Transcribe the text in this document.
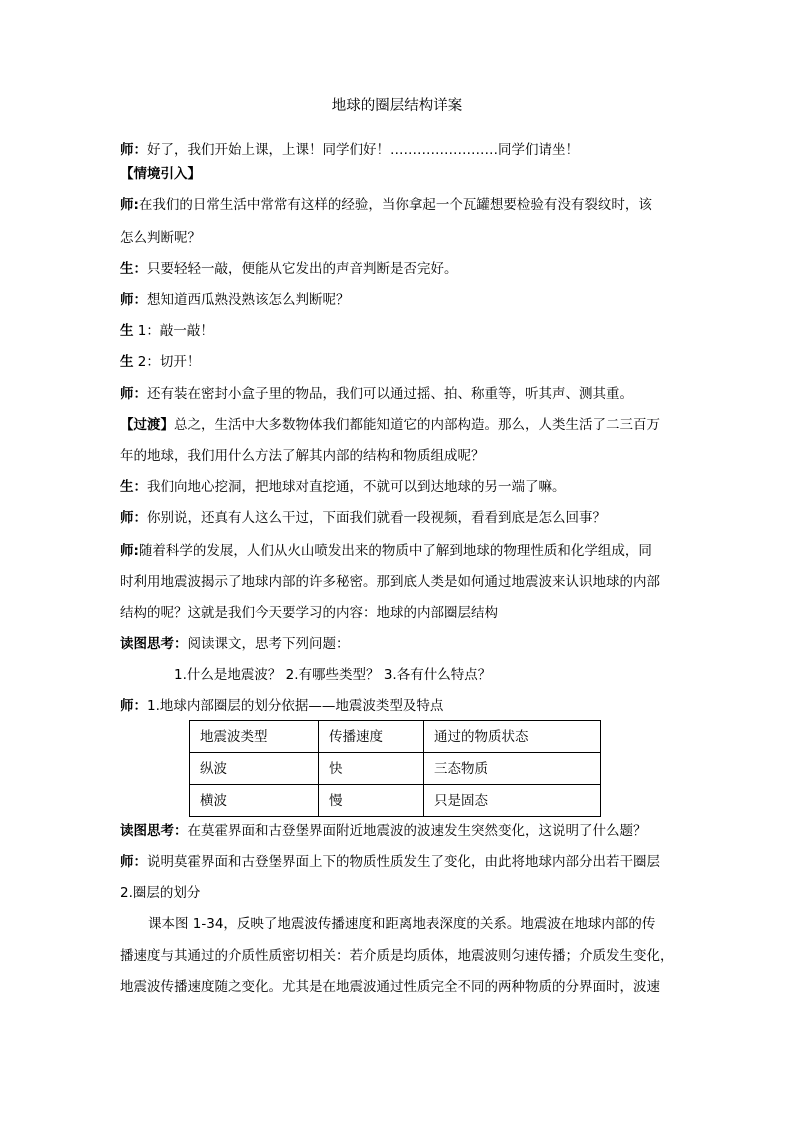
地球的圈层结构详案
师：好了，我们开始上课，上课！同学们好！……………………同学们请坐！
【情境引入】
师:在我们的日常生活中常常有这样的经验，当你拿起一个瓦罐想要检验有没有裂纹时，该
怎么判断呢？
生：只要轻轻一敲，便能从它发出的声音判断是否完好。
师：想知道西瓜熟没熟该怎么判断呢？
生 1：敲一敲！
生 2：切开！
师：还有装在密封小盒子里的物品，我们可以通过摇、拍、称重等，听其声、测其重。
【过渡】总之，生活中大多数物体我们都能知道它的内部构造。那么，人类生活了二三百万
年的地球，我们用什么方法了解其内部的结构和物质组成呢？
生：我们向地心挖洞，把地球对直挖通，不就可以到达地球的另一端了嘛。
师：你别说，还真有人这么干过，下面我们就看一段视频，看看到底是怎么回事？
师:随着科学的发展，人们从火山喷发出来的物质中了解到地球的物理性质和化学组成，同
时利用地震波揭示了地球内部的许多秘密。那到底人类是如何通过地震波来认识地球的内部
结构的呢？这就是我们今天要学习的内容：地球的内部圈层结构
读图思考：阅读课文，思考下列问题：
1.什么是地震波？ 2.有哪些类型？ 3.各有什么特点？
师：1.地球内部圈层的划分依据——地震波类型及特点
地震波类型	传播速度	通过的物质状态
纵波	快	三态物质
横波	慢	只是固态
读图思考：在莫霍界面和古登堡界面附近地震波的波速发生突然变化，这说明了什么题？
师：说明莫霍界面和古登堡界面上下的物质性质发生了变化，由此将地球内部分出若干圈层
2.圈层的划分
课本图 1-34，反映了地震波传播速度和距离地表深度的关系。地震波在地球内部的传
播速度与其通过的介质性质密切相关：若介质是均质体，地震波则匀速传播；介质发生变化，
地震波传播速度随之变化。尤其是在地震波通过性质完全不同的两种物质的分界面时，波速
